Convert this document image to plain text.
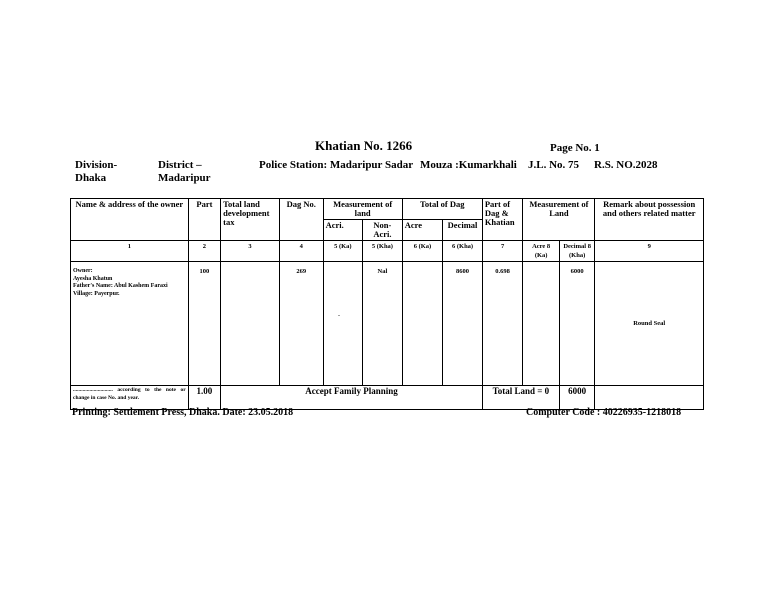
Khatian No. 1266	Page No. 1
Division-
Dhaka
District –
Madaripur
Police Station: Madaripur Sadar Mouza :Kumarkhali J.L. No. 75 R.S. NO.2028
Name & address of the owner	Part	Total land development tax	Dag No.	Measurement of land		Total of Dag		Part of Dag & Khatian	Measurement of Land		Remark about possession and others related matter
				Acri.	Non-Acri.	Acre	Decimal				
1	2	3	4	5 (Ka)	5 (Kha)	6 (Ka)	6 (Kha)	7	Acre 8 (Ka)	Decimal 8 (Kha)	9

Owner:
Ayesha Khatun
Father's Name: Abul Kashem Faraxi
Village: Payerpur.	100		269		Nal		8600	0.698		6000	Round Seal
............................. according to the note or change in case No. and year.	1.00	Accept Family Planning						Total Land = 0		6000	
.
Printing: Settlement Press, Dhaka. Date: 23.05.2018	Computer Code : 40226935-1218018
